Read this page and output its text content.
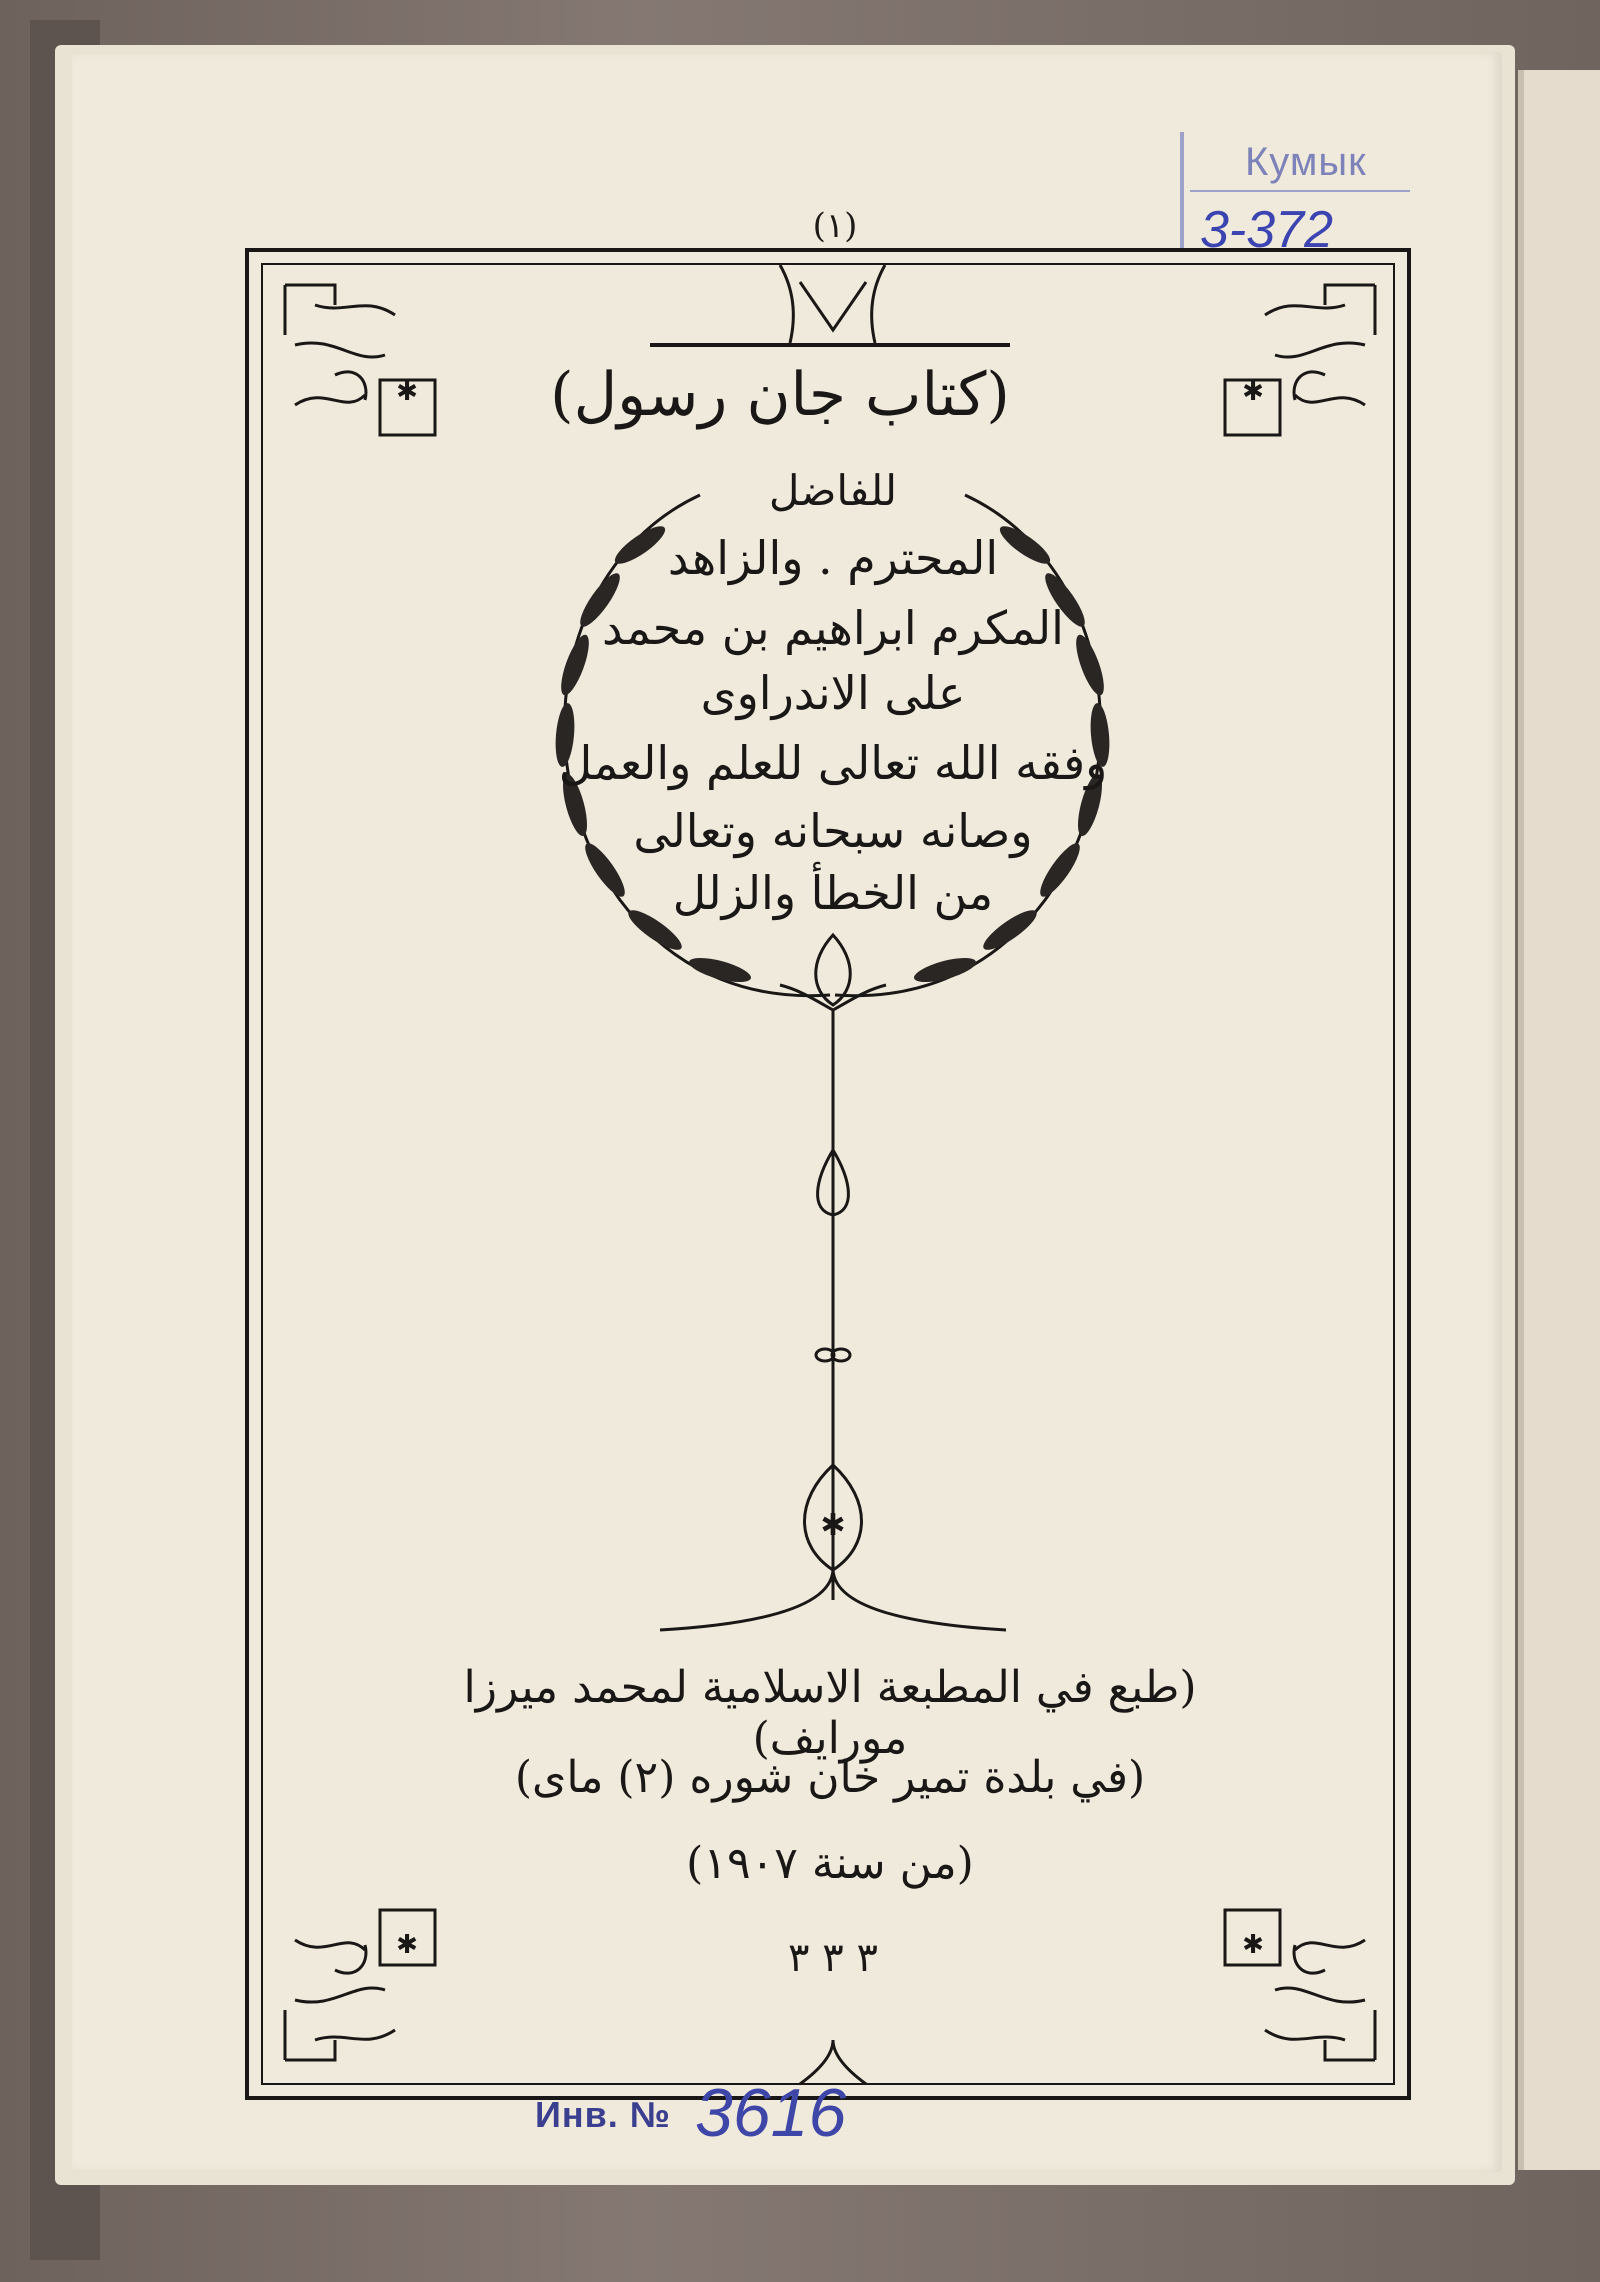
Кумык
3-372
✱
✱	✱
✱	✱
(١)
(كتاب جان رسول)
للفاضل
المحترم . والزاهد
المكرم ابراهيم بن محمد
على الاندراوى
وفقه الله تعالى للعلم والعمل
وصانه سبحانه وتعالى
من الخطأ والزلل
(طبع في المطبعة الاسلامية لمحمد ميرزا مورايف)
(في بلدة تمير خان شوره (٢) ماى)
(من سنة ١٩٠٧)
٣ ٣ ٣
Инв. № 3616
